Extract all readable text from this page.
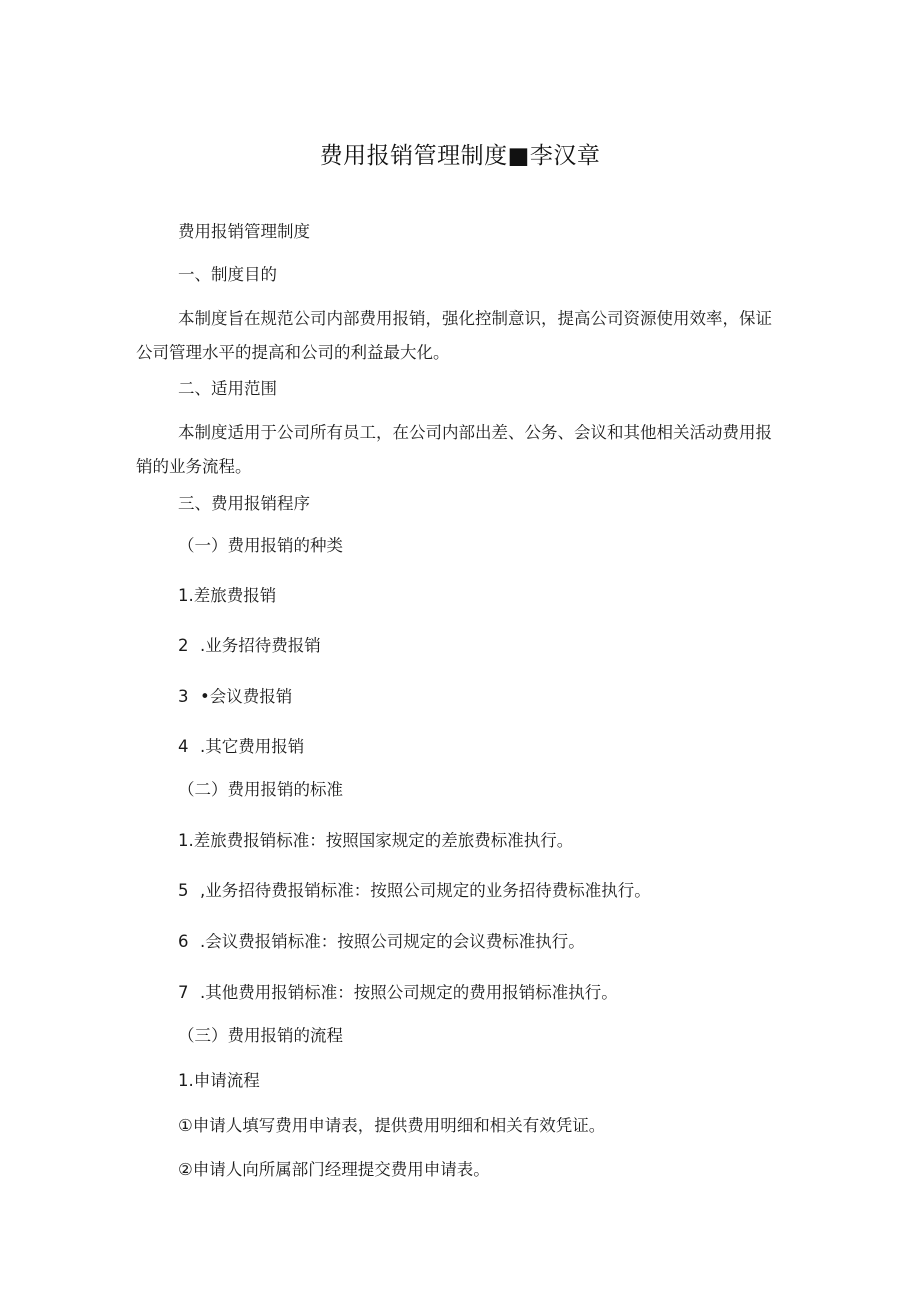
费用报销管理制度■李汉章
费用报销管理制度
一、制度目的
本制度旨在规范公司内部费用报销，强化控制意识，提高公司资源使用效率，保证公司管理水平的提高和公司的利益最大化。
二、适用范围
本制度适用于公司所有员工，在公司内部出差、公务、会议和其他相关活动费用报销的业务流程。
三、费用报销程序
（一）费用报销的种类
1.差旅费报销
2 .业务招待费报销
3 •会议费报销
4 .其它费用报销
（二）费用报销的标准
1.差旅费报销标准：按照国家规定的差旅费标准执行。
5 ,业务招待费报销标准：按照公司规定的业务招待费标准执行。
6 .会议费报销标准：按照公司规定的会议费标准执行。
7 .其他费用报销标准：按照公司规定的费用报销标准执行。
（三）费用报销的流程
1.申请流程
①申请人填写费用申请表，提供费用明细和相关有效凭证。
②申请人向所属部门经理提交费用申请表。
